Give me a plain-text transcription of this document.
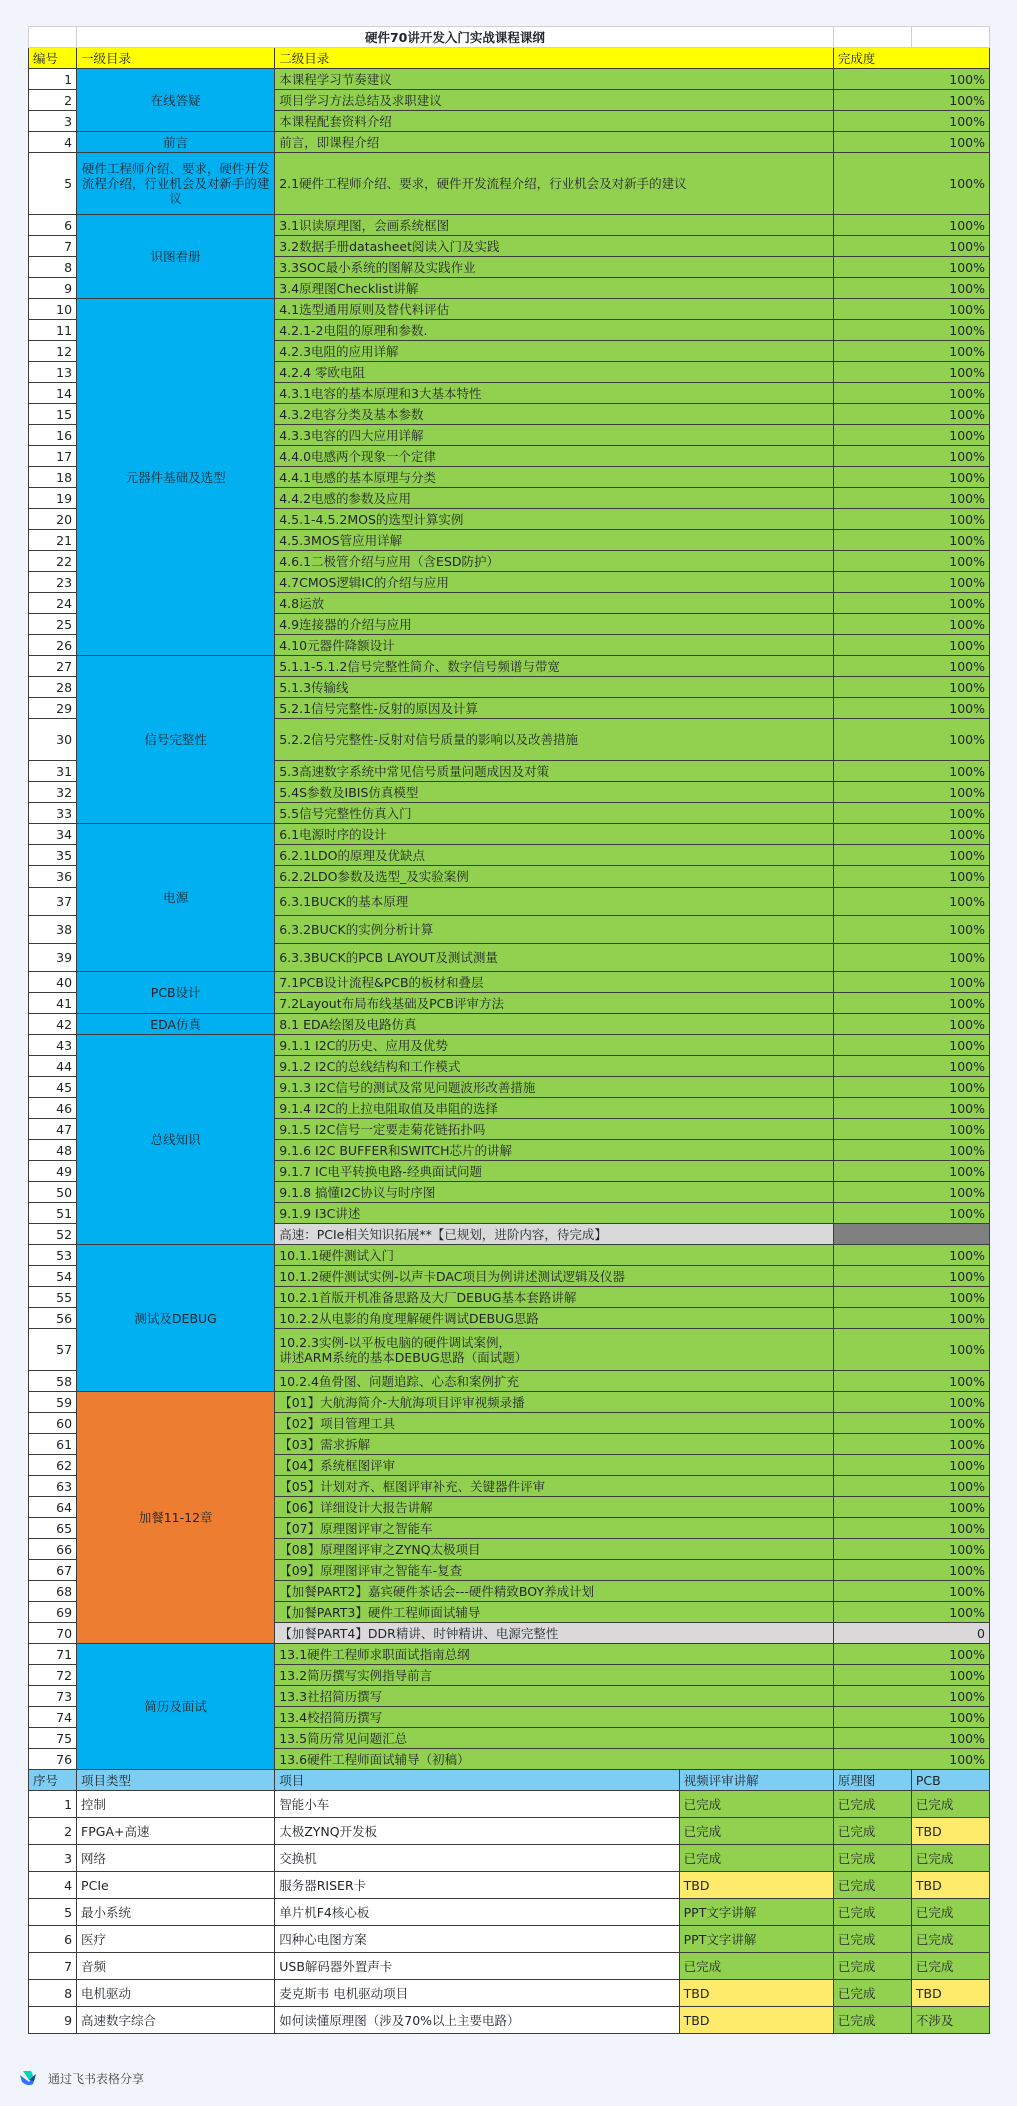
	硬件70讲开发入门实战课程课纲				
编号	一级目录	二级目录		完成度	
1	在线答疑	本课程学习节奏建议		100%	
2		项目学习方法总结及求职建议		100%	
3		本课程配套资料介绍		100%	
4	前言	前言，即课程介绍		100%	
5	硬件工程师介绍、要求，硬件开发流程介绍，行业机会及对新手的建议	2.1硬件工程师介绍、要求，硬件开发流程介绍，行业机会及对新手的建议		100%	
6	识图看册	3.1识读原理图，会画系统框图		100%	
7		3.2数据手册datasheet阅读入门及实践		100%	
8		3.3SOC最小系统的图解及实践作业		100%	
9		3.4原理图Checklist讲解		100%	
10	元器件基础及选型	4.1选型通用原则及替代料评估		100%	
11		4.2.1-2电阻的原理和参数.		100%	
12		4.2.3电阻的应用详解		100%	
13		4.2.4 零欧电阻		100%	
14		4.3.1电容的基本原理和3大基本特性		100%	
15		4.3.2电容分类及基本参数		100%	
16		4.3.3电容的四大应用详解		100%	
17		4.4.0电感两个现象一个定律		100%	
18		4.4.1电感的基本原理与分类		100%	
19		4.4.2电感的参数及应用		100%	
20		4.5.1-4.5.2MOS的选型计算实例		100%	
21		4.5.3MOS管应用详解		100%	
22		4.6.1二极管介绍与应用（含ESD防护）		100%	
23		4.7CMOS逻辑IC的介绍与应用		100%	
24		4.8运放		100%	
25		4.9连接器的介绍与应用		100%	
26		4.10元器件降额设计		100%	
27	信号完整性	5.1.1-5.1.2信号完整性简介、数字信号频谱与带宽		100%	
28		5.1.3传输线		100%	
29		5.2.1信号完整性-反射的原因及计算		100%	
30		5.2.2信号完整性-反射对信号质量的影响以及改善措施		100%	
31		5.3高速数字系统中常见信号质量问题成因及对策		100%	
32		5.4S参数及IBIS仿真模型		100%	
33		5.5信号完整性仿真入门		100%	
34	电源	6.1电源时序的设计		100%	
35		6.2.1LDO的原理及优缺点		100%	
36		6.2.2LDO参数及选型_及实验案例		100%	
37		6.3.1BUCK的基本原理		100%	
38		6.3.2BUCK的实例分析计算		100%	
39		6.3.3BUCK的PCB LAYOUT及测试测量		100%	
40	PCB设计	7.1PCB设计流程&PCB的板材和叠层		100%	
41		7.2Layout布局布线基础及PCB评审方法		100%	
42	EDA仿真	8.1 EDA绘图及电路仿真		100%	
43	总线知识	9.1.1 I2C的历史、应用及优势		100%	
44		9.1.2 I2C的总线结构和工作模式		100%	
45		9.1.3 I2C信号的测试及常见问题波形改善措施		100%	
46		9.1.4 I2C的上拉电阻取值及串阻的选择		100%	
47		9.1.5 I2C信号一定要走菊花链拓扑吗		100%	
48		9.1.6 I2C BUFFER和SWITCH芯片的讲解		100%	
49		9.1.7 IC电平转换电路-经典面试问题		100%	
50		9.1.8 搞懂I2C协议与时序图		100%	
51		9.1.9 I3C讲述		100%	
52		高速：PCIe相关知识拓展**【已规划，进阶内容，待完成】			
53	测试及DEBUG	10.1.1硬件测试入门		100%	
54		10.1.2硬件测试实例-以声卡DAC项目为例讲述测试逻辑及仪器		100%	
55		10.2.1首版开机准备思路及大厂DEBUG基本套路讲解		100%	
56		10.2.2从电影的角度理解硬件调试DEBUG思路		100%	
57		10.2.3实例-以平板电脑的硬件调试案例，
讲述ARM系统的基本DEBUG思路（面试题）		100%	
58		10.2.4鱼骨图、问题追踪、心态和案例扩充		100%	
59	加餐11-12章	【01】大航海简介-大航海项目评审视频录播		100%	
60		【02】项目管理工具		100%	
61		【03】需求拆解		100%	
62		【04】系统框图评审		100%	
63		【05】计划对齐、框图评审补充、关键器件评审		100%	
64		【06】详细设计大报告讲解		100%	
65		【07】原理图评审之智能车		100%	
66		【08】原理图评审之ZYNQ太极项目		100%	
67		【09】原理图评审之智能车-复查		100%	
68		【加餐PART2】嘉宾硬件茶话会---硬件精致BOY养成计划		100%	
69		【加餐PART3】硬件工程师面试辅导		100%	
70		【加餐PART4】DDR精讲、时钟精讲、电源完整性		0	
71	简历及面试	13.1硬件工程师求职面试指南总纲		100%	
72		13.2简历撰写实例指导前言		100%	
73		13.3社招简历撰写		100%	
74		13.4校招简历撰写		100%	
75		13.5简历常见问题汇总		100%	
76		13.6硬件工程师面试辅导（初稿）		100%	
序号	项目类型	项目	视频评审讲解	原理图	PCB
1	控制	智能小车	已完成	已完成	已完成
2	FPGA+高速	太极ZYNQ开发板	已完成	已完成	TBD
3	网络	交换机	已完成	已完成	已完成
4	PCIe	服务器RISER卡	TBD	已完成	TBD
5	最小系统	单片机F4核心板	PPT文字讲解	已完成	已完成
6	医疗	四种心电图方案	PPT文字讲解	已完成	已完成
7	音频	USB解码器外置声卡	已完成	已完成	已完成
8	电机驱动	麦克斯韦 电机驱动项目	TBD	已完成	TBD
9	高速数字综合	如何读懂原理图（涉及70%以上主要电路）	TBD	已完成	不涉及
通过飞书表格分享
